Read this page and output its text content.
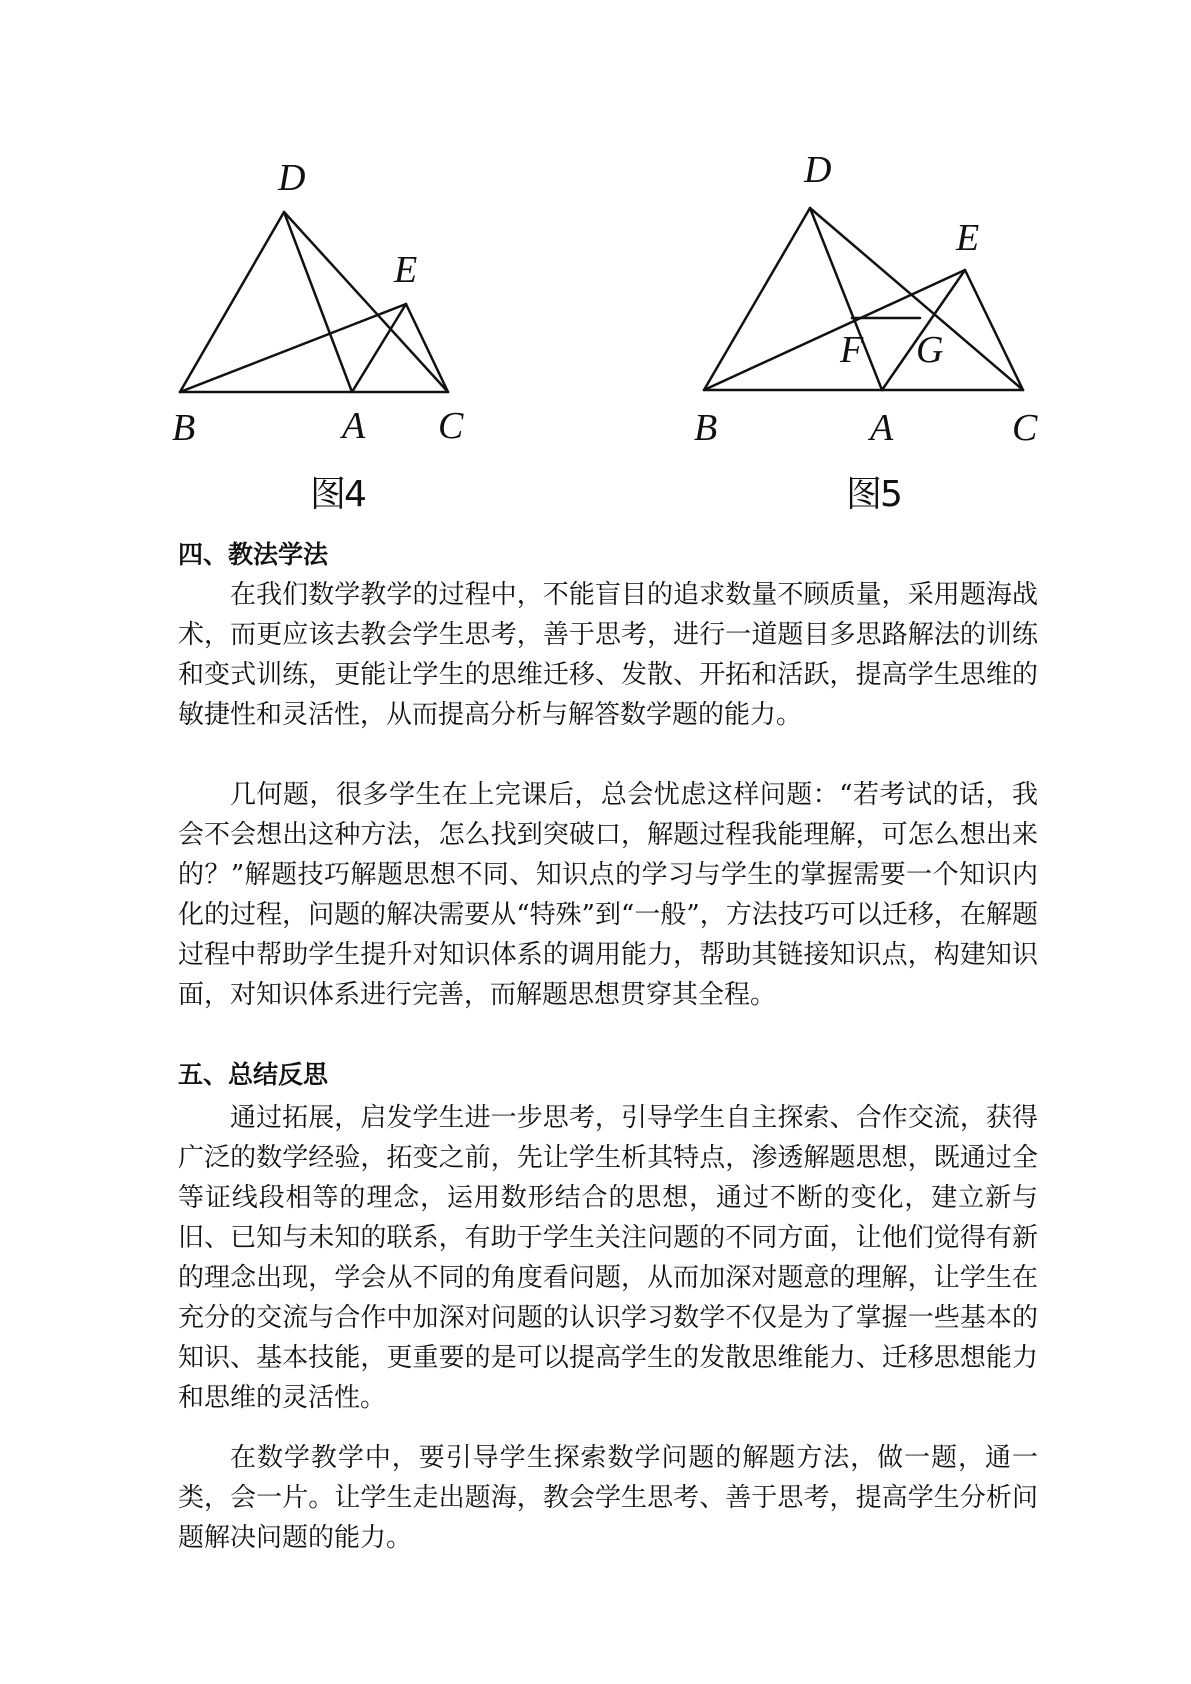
D
E
B	A C
图4
D
E
F G
B	A	C
图5
四、教法学法

在我们数学教学的过程中，不能盲目的追求数量不顾质量，采用题海战术，而更应该去教会学生思考，善于思考，进行一道题目多思路解法的训练和变式训练，更能让学生的思维迁移、发散、开拓和活跃，提高学生思维的敏捷性和灵活性，从而提高分析与解答数学题的能力。

几何题，很多学生在上完课后，总会忧虑这样问题：“若考试的话，我会不会想出这种方法，怎么找到突破口，解题过程我能理解，可怎么想出来的？”解题技巧解题思想不同、知识点的学习与学生的掌握需要一个知识内化的过程，问题的解决需要从“特殊”到“一般”，方法技巧可以迁移，在解题过程中帮助学生提升对知识体系的调用能力，帮助其链接知识点，构建知识面，对知识体系进行完善，而解题思想贯穿其全程。

五、总结反思

通过拓展，启发学生进一步思考，引导学生自主探索、合作交流，获得广泛的数学经验，拓变之前，先让学生析其特点，渗透解题思想，既通过全等证线段相等的理念，运用数形结合的思想，通过不断的变化，建立新与旧、已知与未知的联系，有助于学生关注问题的不同方面，让他们觉得有新的理念出现，学会从不同的角度看问题，从而加深对题意的理解，让学生在充分的交流与合作中加深对问题的认识学习数学不仅是为了掌握一些基本的知识、基本技能，更重要的是可以提高学生的发散思维能力、迁移思想能力和思维的灵活性。

在数学教学中，要引导学生探索数学问题的解题方法，做一题，通一类，会一片。让学生走出题海，教会学生思考、善于思考，提高学生分析问题解决问题的能力。
